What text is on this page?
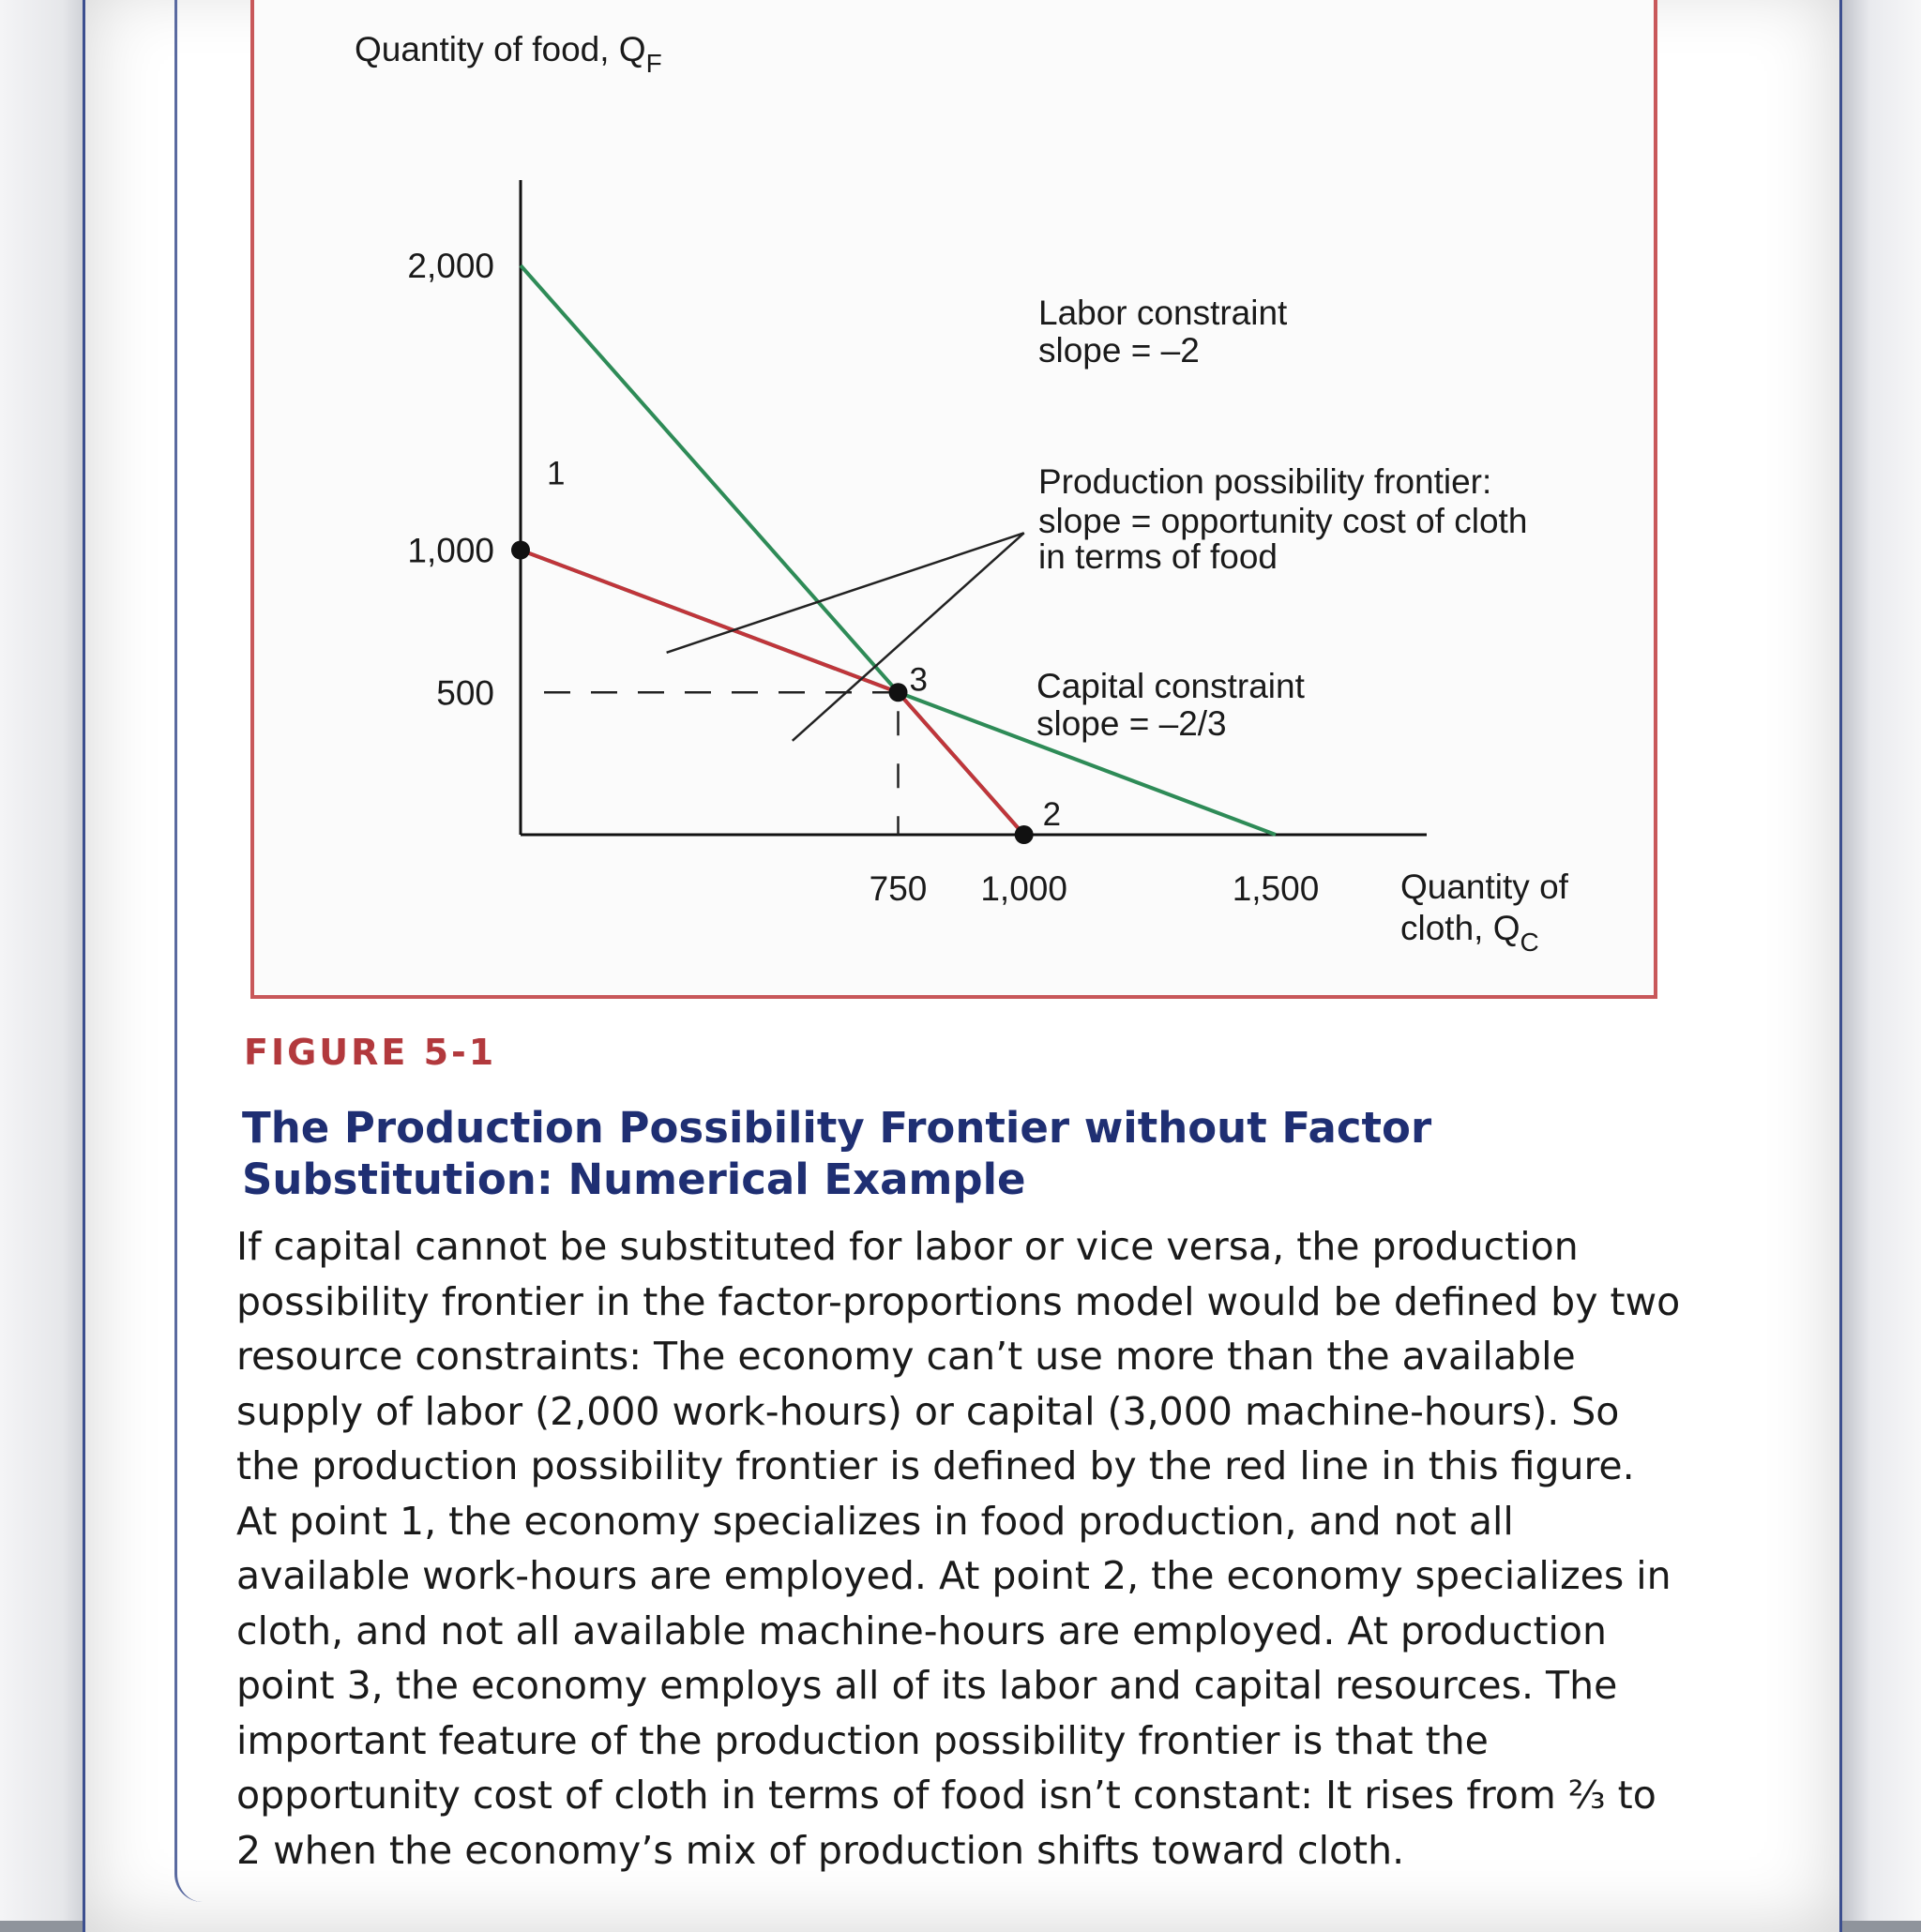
Quantity of food, $Q_F$
Quantity of
cloth, $Q_C$
2,000
1,000
500
750 1,000	1,500
1
2
3
Labor constraint
slope = –2
Production possibility frontier:
slope = opportunity cost of cloth
in terms of food
Capital constraint
slope = –2/3
FIGURE 5-1
The Production Possibility Frontier without Factor Substitution: Numerical Example
If capital cannot be substituted for labor or vice versa, the production possibility frontier in the factor-proportions model would be defined by two resource constraints: The economy can’t use more than the available supply of labor (2,000 work-hours) or capital (3,000 machine-hours). So the production possibility frontier is defined by the red line in this figure. At point 1, the economy specializes in food production, and not all available work-hours are employed. At point 2, the economy specializes in cloth, and not all available machine-hours are employed. At production point 3, the economy employs all of its labor and capital resources. The important feature of the production possibility frontier is that the opportunity cost of cloth in terms of food isn’t constant: It rises from ²⁄₃ to 2 when the economy’s mix of production shifts toward cloth.
